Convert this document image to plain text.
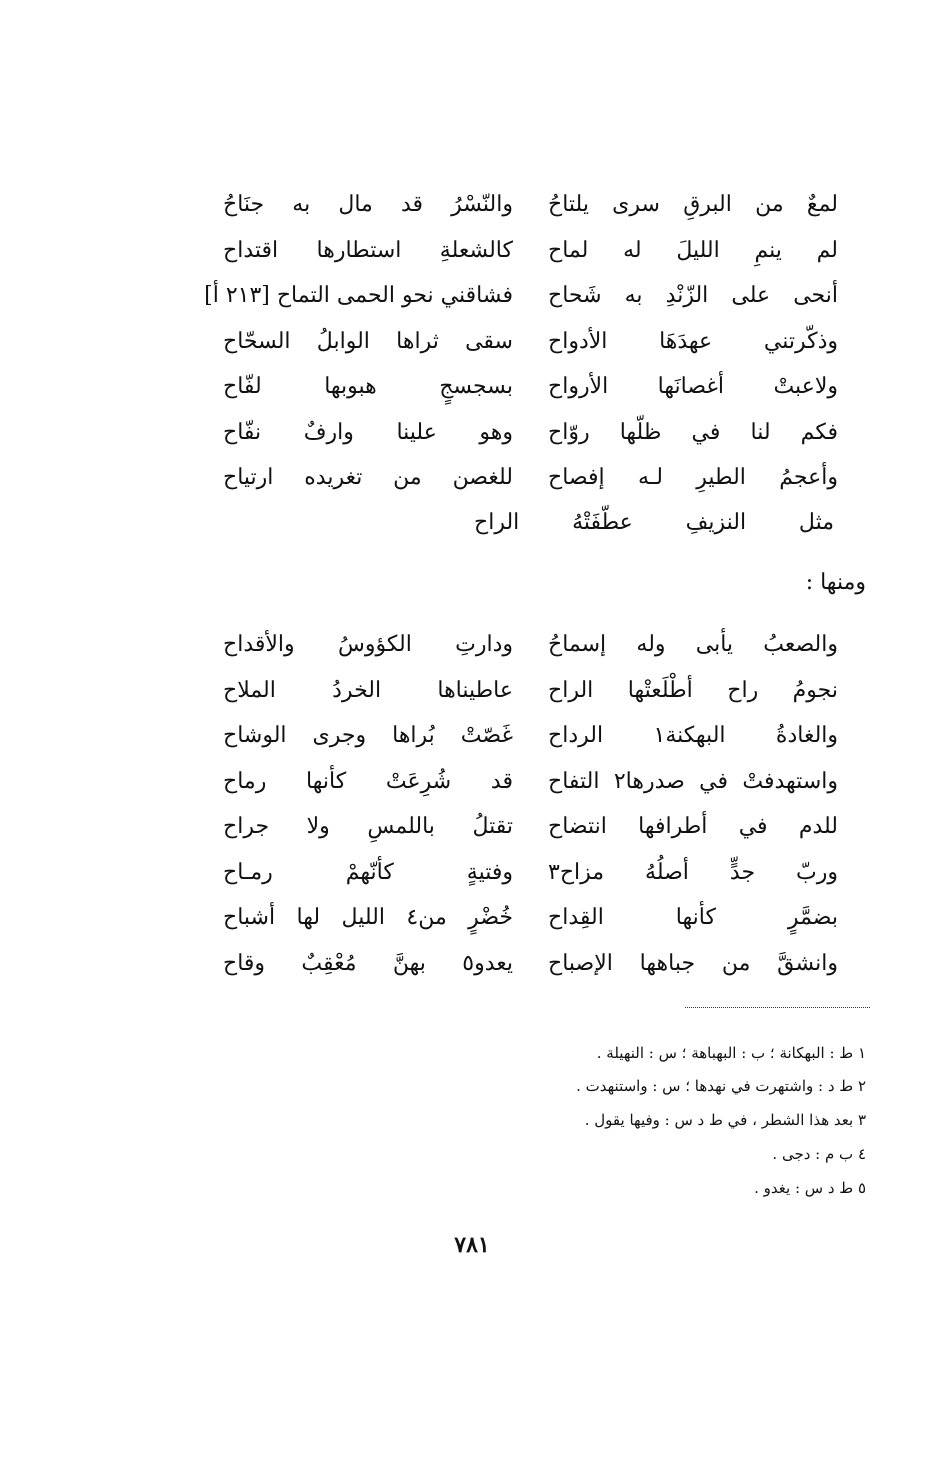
لمعٌ من البرقِ سرى يلتاحُ
والنّسْرُ قد مال به جنَاحُ
لم ينمِ الليلَ له لماح
كالشعلةِ استطارها اقتداح
أنحى على الزّنْدِ به شَحاح
فشاقني نحو الحمى التماح [٢١٣ أ]
وذكّرتني عهدَهَا الأدواح
سقى ثراها الوابلُ السحّاح
ولاعبتْ أغصانَها الأرواح
بسجسجٍ هبوبها لفّاح
فكم لنا في ظلّها روّاح
وهو علينا وارفٌ نفّاح
وأعجمُ الطيرِ لـه إفصاح
للغصن من تغريده ارتياح
مثل النزيفِ عطّفَتْهُ الراح
ومنها :
والصعبُ يأبى وله إسماحُ
ودارتِ الكؤوسُ والأقداح
نجومُ راح أطْلَعتْها الراح
عاطيناها الخردُ الملاح
والغادةُ البهكنة١ الرداح
غَصّتْ بُراها وجرى الوشاح
واستهدفتْ في صدرها٢ التفاح
قد شُرِعَتْ كأنها رماح
للدم في أطرافها انتضاح
تقتلُ باللمسِ ولا جراح
وربّ جدٍّ أصلُهُ مزاح٣
وفتيةٍ كأنّهمْ رمـاح
بضمَّرٍ كأنها القِداح
خُضْرٍ من٤ الليل لها أشباح
وانشقَّ من جباهها الإصباح
يعدو٥ بهنَّ مُعْقِبٌ وقاح
١ ط : البهكانة ؛ ب : البهباهة ؛ س : النهيلة .
٢ ط د : واشتهرت في نهدها ؛ س : واستنهدت .
٣ بعد هذا الشطر ، في ط د س : وفيها يقول .
٤ ب م : دجى .
٥ ط د س : يغدو .
٧٨١
